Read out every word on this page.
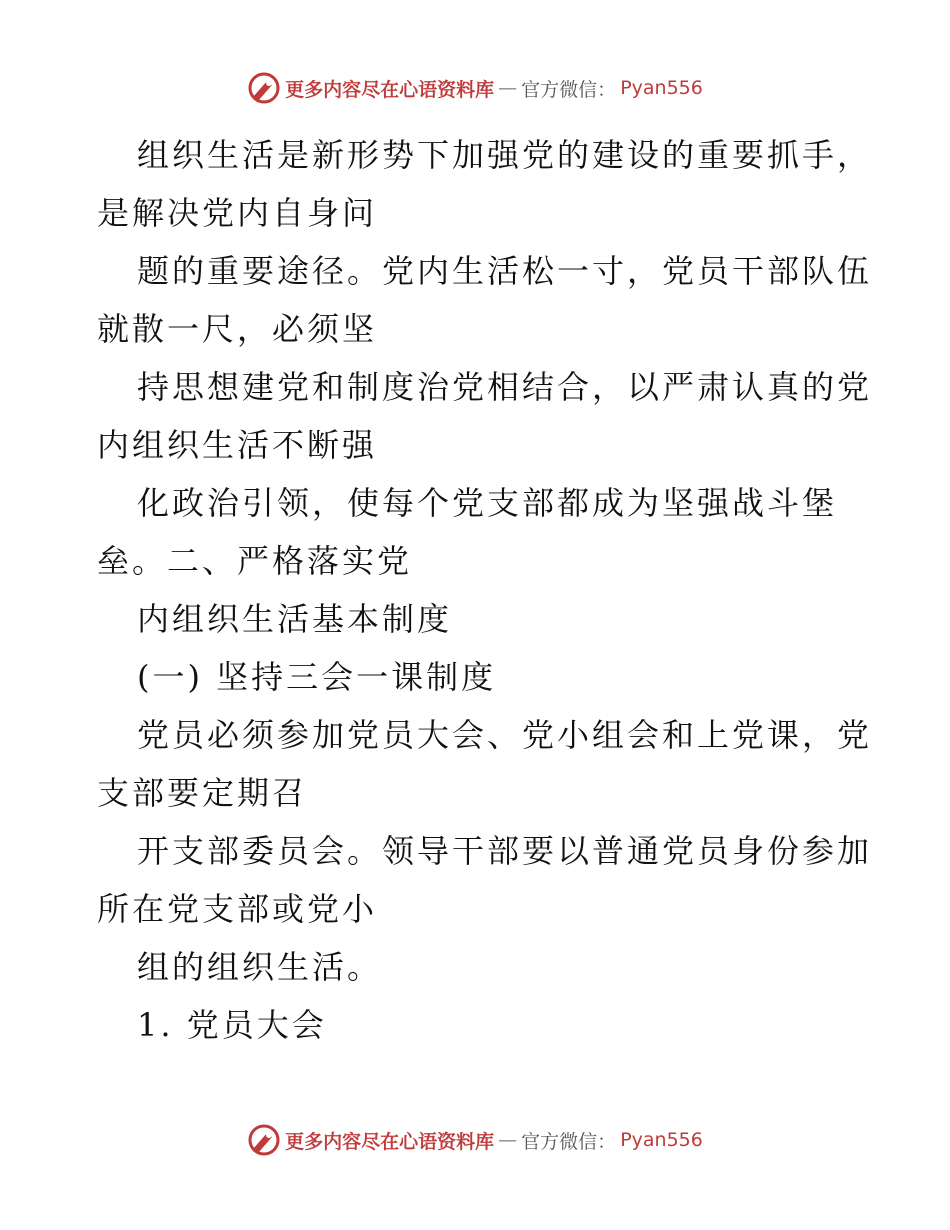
更多内容尽在心语资料库 — 官方微信： Pyan556
组织生活是新形势下加强党的建设的重要抓手，
是解决党内自身问
题的重要途径。党内生活松一寸，党员干部队伍
就散一尺，必须坚
持思想建党和制度治党相结合，以严肃认真的党
内组织生活不断强
化政治引领，使每个党支部都成为坚强战斗堡
垒。二、严格落实党
内组织生活基本制度
(一) 坚持三会一课制度
党员必须参加党员大会、党小组会和上党课，党
支部要定期召
开支部委员会。领导干部要以普通党员身份参加
所在党支部或党小
组的组织生活。
1. 党员大会
更多内容尽在心语资料库 — 官方微信： Pyan556
